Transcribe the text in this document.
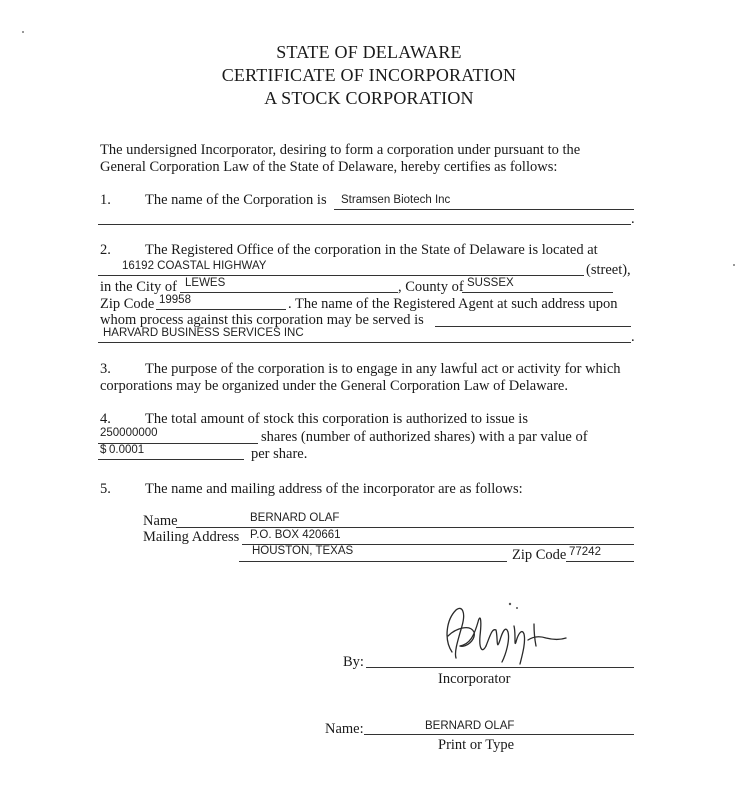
STATE OF DELAWARE
CERTIFICATE OF INCORPORATION
A STOCK CORPORATION
The undersigned Incorporator, desiring to form a corporation under pursuant to the
General Corporation Law of the State of Delaware, hereby certifies as follows:
1. The name of the Corporation is Stramsen Biotech Inc
.
2. The Registered Office of the corporation in the State of Delaware is located at
16192 COASTAL HIGHWAY	(street),
in the City of LEWES	, County of SUSSEX
Zip Code 19958	. The name of the Registered Agent at such address upon
whom process against this corporation may be served is
HARVARD BUSINESS SERVICES INC	.
3. The purpose of the corporation is to engage in any lawful act or activity for which
corporations may be organized under the General Corporation Law of Delaware.
4. The total amount of stock this corporation is authorized to issue is
250000000	shares (number of authorized shares) with a par value of
$ 0.0001	per share.
5. The name and mailing address of the incorporator are as follows:
Name	BERNARD OLAF
Mailing Address P.O. BOX 420661
HOUSTON, TEXAS	Zip Code 77242
By:
Incorporator
Name:	BERNARD OLAF
Print or Type
